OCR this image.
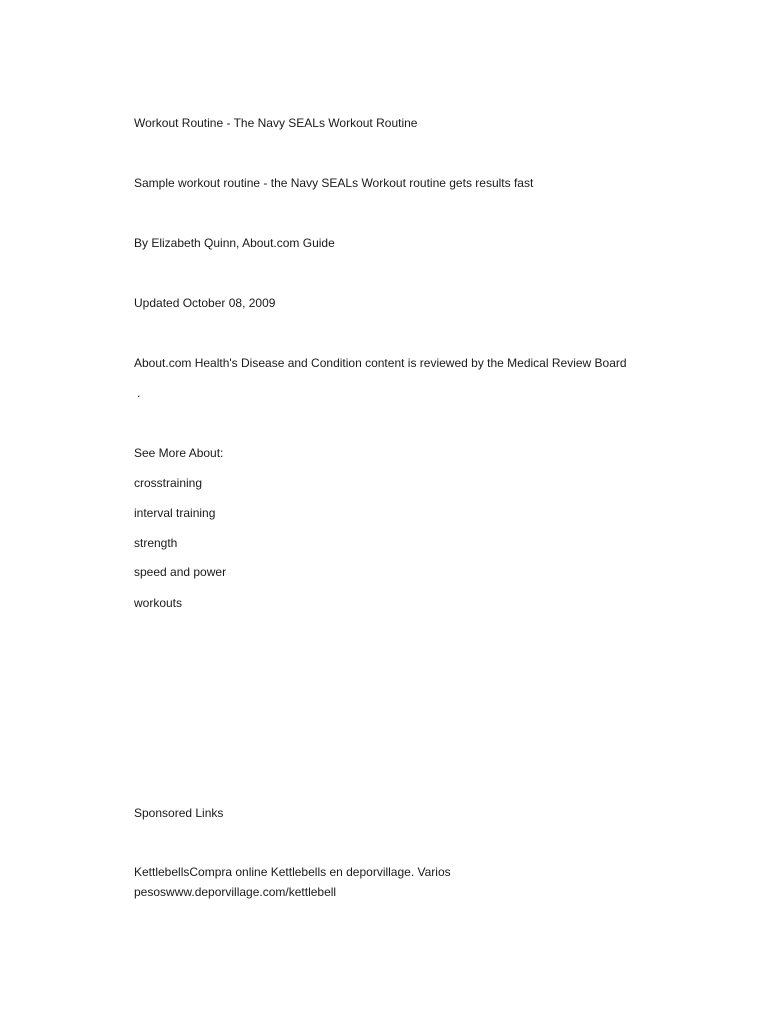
Workout Routine - The Navy SEALs Workout Routine
Sample workout routine - the Navy SEALs Workout routine gets results fast
By Elizabeth Quinn, About.com Guide
Updated October 08, 2009
About.com Health's Disease and Condition content is reviewed by the Medical Review Board
.
See More About:
crosstraining
interval training
strength
speed and power
workouts
Sponsored Links
KettlebellsCompra online Kettlebells en deporvillage. Varios pesoswww.deporvillage.com/kettlebell
